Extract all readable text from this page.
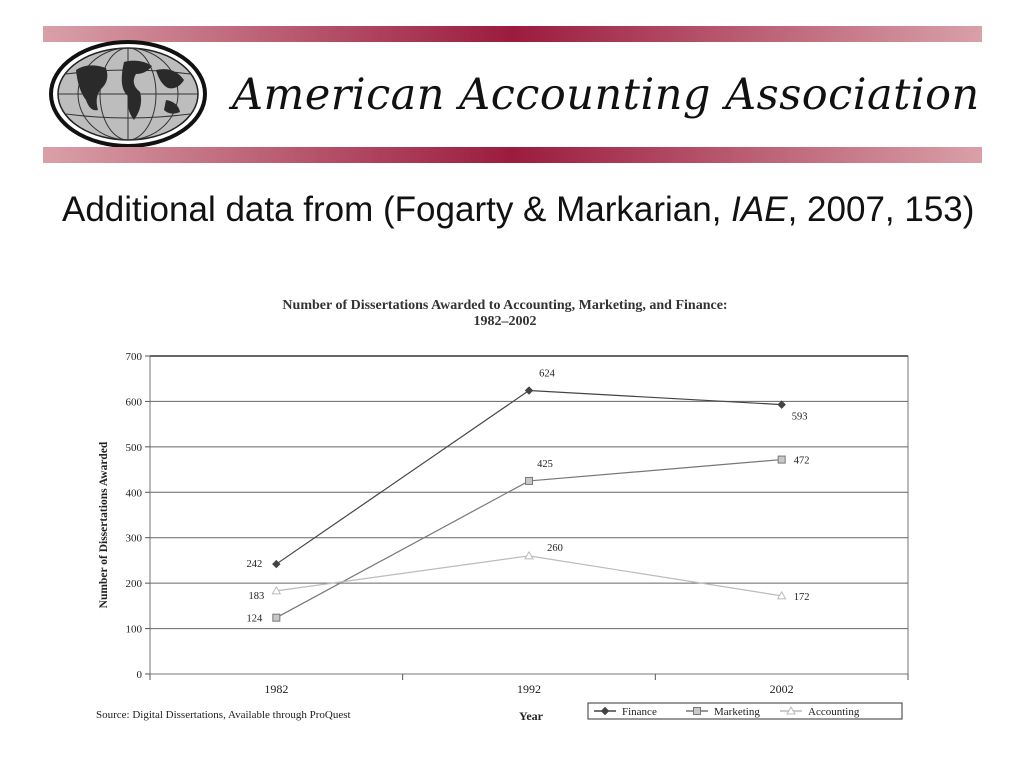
American Accounting Association
Additional data from (Fogarty & Markarian, IAE, 2007, 153)
Number of Dissertations Awarded to Accounting, Marketing, and Finance:
1982–2002
0
100
200
300
400
500
600
700
1982	1992	2002
Year
Number of Dissertations Awarded	242
624
593
124
425	472
183
260
172
Finance	Marketing	Accounting
Source: Digital Dissertations, Available through ProQuest
